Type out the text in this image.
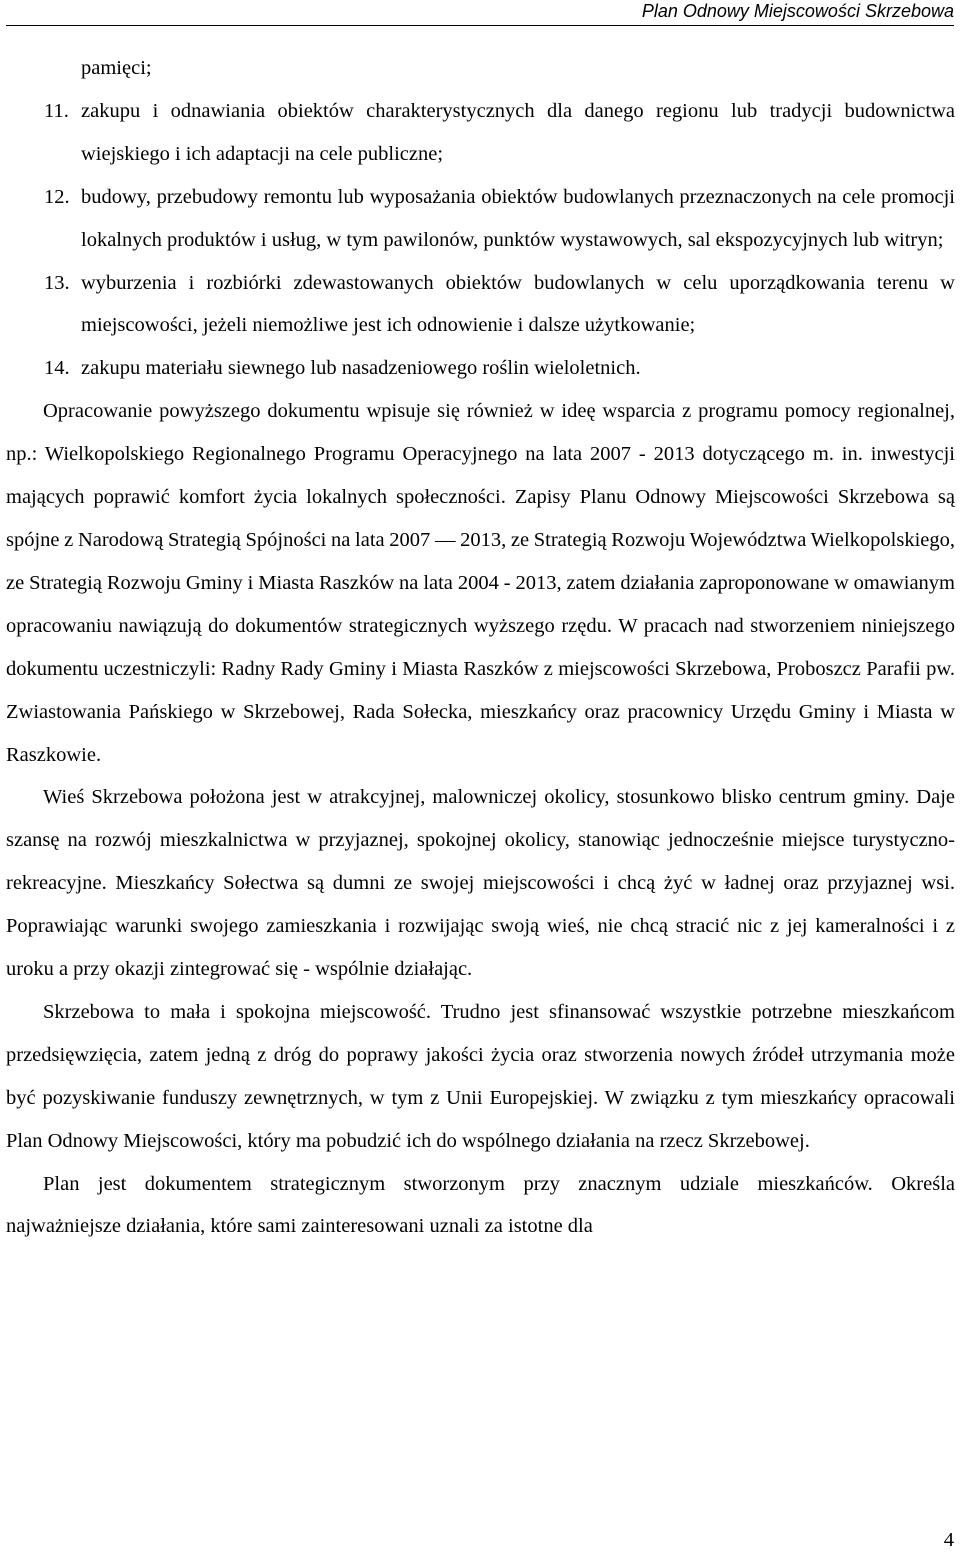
Plan Odnowy Miejscowości Skrzebowa

pamięci;

11. zakupu i odnawiania obiektów charakterystycznych dla danego regionu lub tradycji budownictwa wiejskiego i ich adaptacji na cele publiczne;
12. budowy, przebudowy remontu lub wyposażania obiektów budowlanych przeznaczonych na cele promocji lokalnych produktów i usług, w tym pawilonów, punktów wystawowych, sal ekspozycyjnych lub witryn;
13. wyburzenia i rozbiórki zdewastowanych obiektów budowlanych w celu uporządkowania terenu w miejscowości, jeżeli niemożliwe jest ich odnowienie i dalsze użytkowanie;
14. zakupu materiału siewnego lub nasadzeniowego roślin wieloletnich.

Opracowanie powyższego dokumentu wpisuje się również w ideę wsparcia z programu pomocy regionalnej, np.: Wielkopolskiego Regionalnego Programu Operacyjnego na lata 2007 - 2013 dotyczącego m. in. inwestycji mających poprawić komfort życia lokalnych społeczności. Zapisy Planu Odnowy Miejscowości Skrzebowa są spójne z Narodową Strategią Spójności na lata 2007 — 2013, ze Strategią Rozwoju Województwa Wielkopolskiego, ze Strategią Rozwoju Gminy i Miasta Raszków na lata 2004 - 2013, zatem działania zaproponowane w omawianym opracowaniu nawiązują do dokumentów strategicznych wyższego rzędu. W pracach nad stworzeniem niniejszego dokumentu uczestniczyli: Radny Rady Gminy i Miasta Raszków z miejscowości Skrzebowa, Proboszcz Parafii pw. Zwiastowania Pańskiego w Skrzebowej, Rada Sołecka, mieszkańcy oraz pracownicy Urzędu Gminy i Miasta w Raszkowie.

Wieś Skrzebowa położona jest w atrakcyjnej, malowniczej okolicy, stosunkowo blisko centrum gminy. Daje szansę na rozwój mieszkalnictwa w przyjaznej, spokojnej okolicy, stanowiąc jednocześnie miejsce turystyczno- rekreacyjne. Mieszkańcy Sołectwa są dumni ze swojej miejscowości i chcą żyć w ładnej oraz przyjaznej wsi. Poprawiając warunki swojego zamieszkania i rozwijając swoją wieś, nie chcą stracić nic z jej kameralności i z uroku a przy okazji zintegrować się - wspólnie działając.

Skrzebowa to mała i spokojna miejscowość. Trudno jest sfinansować wszystkie potrzebne mieszkańcom przedsięwzięcia, zatem jedną z dróg do poprawy jakości życia oraz stworzenia nowych źródeł utrzymania może być pozyskiwanie funduszy zewnętrznych, w tym z Unii Europejskiej. W związku z tym mieszkańcy opracowali Plan Odnowy Miejscowości, który ma pobudzić ich do wspólnego działania na rzecz Skrzebowej.

Plan jest dokumentem strategicznym stworzonym przy znacznym udziale mieszkańców. Określa najważniejsze działania, które sami zainteresowani uznali za istotne dla

4
